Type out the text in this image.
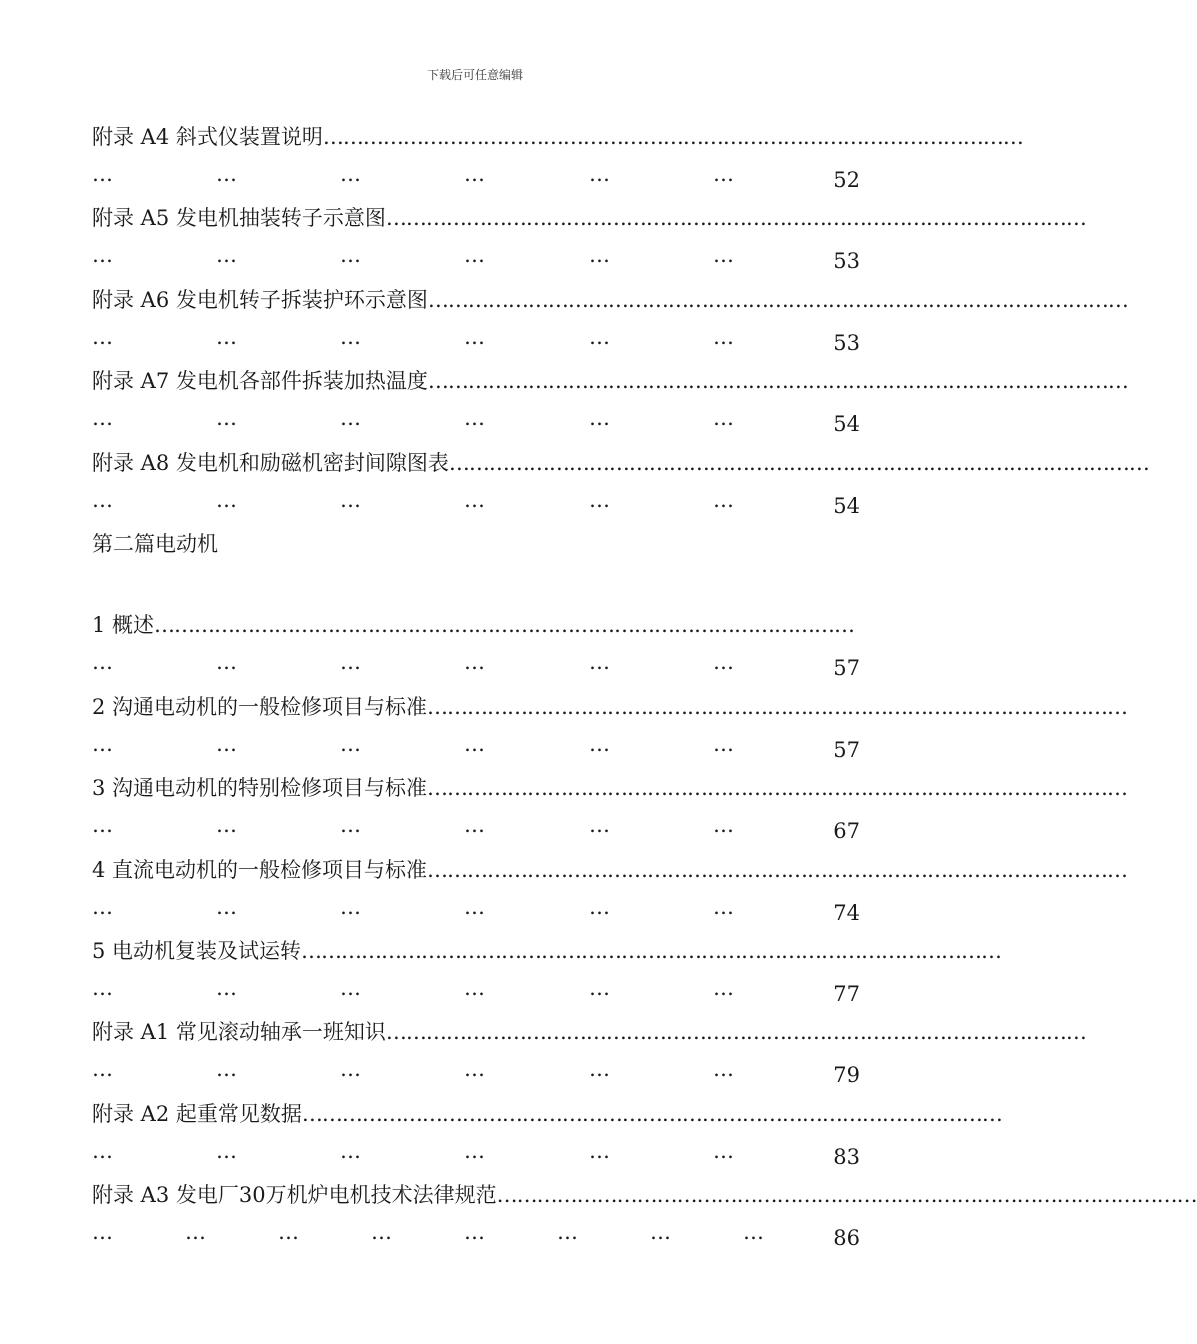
下载后可任意编辑
附录 A4 斜式仪装置说明……………………………………………………………………………………………
…	…	…	…	…	…	52
附录 A5 发电机抽装转子示意图……………………………………………………………………………………………
…	…	…	…	…	…	53
附录 A6 发电机转子拆装护环示意图……………………………………………………………………………………………
…	…	…	…	…	…	53
附录 A7 发电机各部件拆装加热温度……………………………………………………………………………………………
…	…	…	…	…	…	54
附录 A8 发电机和励磁机密封间隙图表……………………………………………………………………………………………
…	…	…	…	…	…	54
第二篇电动机
1 概述……………………………………………………………………………………………
…	…	…	…	…	…	57
2 沟通电动机的一般检修项目与标准……………………………………………………………………………………………
…	…	…	…	…	…	57
3 沟通电动机的特别检修项目与标准……………………………………………………………………………………………
…	…	…	…	…	…	67
4 直流电动机的一般检修项目与标准……………………………………………………………………………………………
…	…	…	…	…	…	74
5 电动机复装及试运转……………………………………………………………………………………………
…	…	…	…	…	…	77
附录 A1 常见滚动轴承一班知识……………………………………………………………………………………………
…	…	…	…	…	…	79
附录 A2 起重常见数据……………………………………………………………………………………………
…	…	…	…	…	…	83
附录 A3 发电厂30万机炉电机技术法律规范……………………………………………………………………………………………
…	…	…	…	…	…	…	…	86
